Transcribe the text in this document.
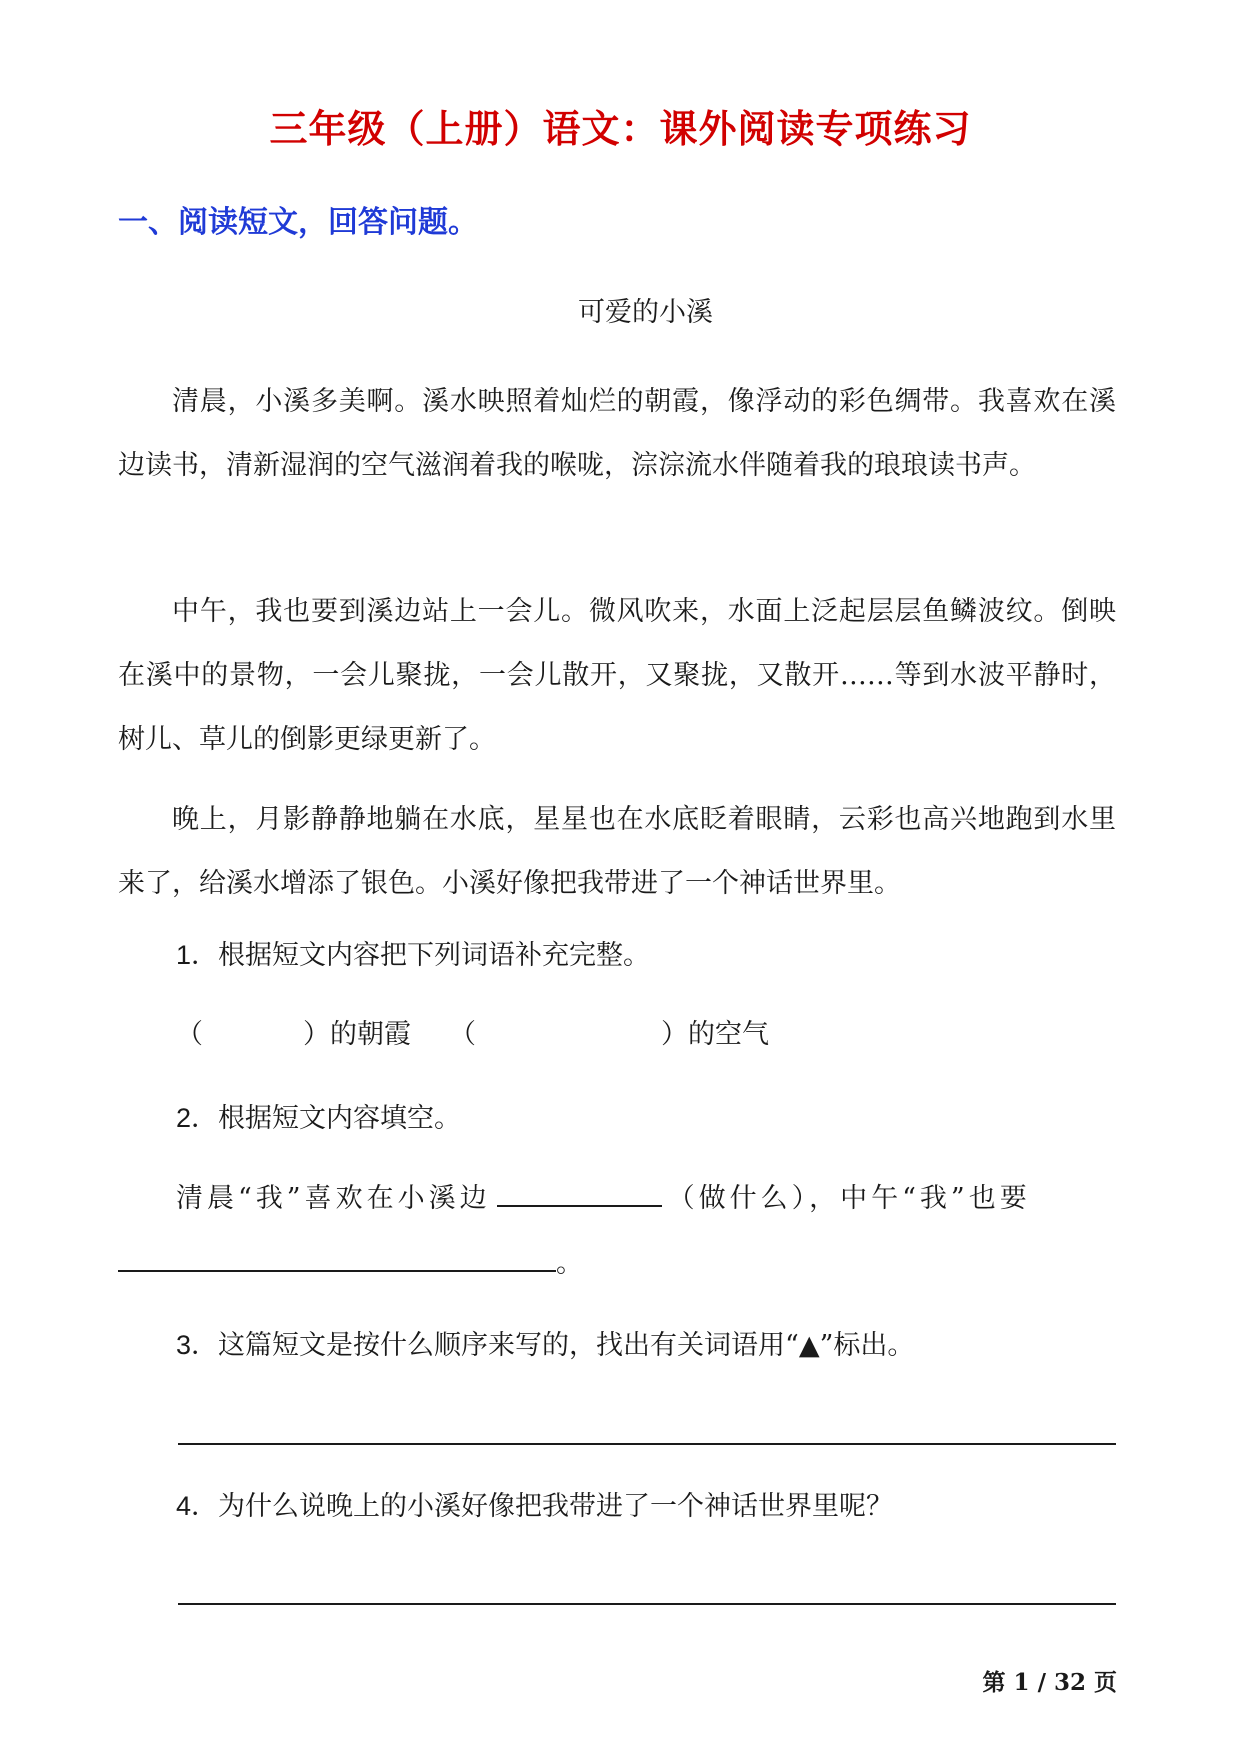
三年级（上册）语文：课外阅读专项练习
一、阅读短文，回答问题。
可爱的小溪

清晨，小溪多美啊。溪水映照着灿烂的朝霞，像浮动的彩色绸带。我喜欢在溪边读书，清新湿润的空气滋润着我的喉咙，淙淙流水伴随着我的琅琅读书声。

中午，我也要到溪边站上一会儿。微风吹来，水面上泛起层层鱼鳞波纹。倒映在溪中的景物，一会儿聚拢，一会儿散开，又聚拢，又散开……等到水波平静时，树儿、草儿的倒影更绿更新了。

晚上，月影静静地躺在水底，星星也在水底眨着眼睛，云彩也高兴地跑到水里来了，给溪水增添了银色。小溪好像把我带进了一个神话世界里。

1．根据短文内容把下列词语补充完整。
（	）的朝霞 （	）的空气
2．根据短文内容填空。
清晨“我”喜欢在小溪边	（做什么），中午“我”也要
。
3．这篇短文是按什么顺序来写的，找出有关词语用“▲”标出。
4．为什么说晚上的小溪好像把我带进了一个神话世界里呢？
第 1 / 32 页
